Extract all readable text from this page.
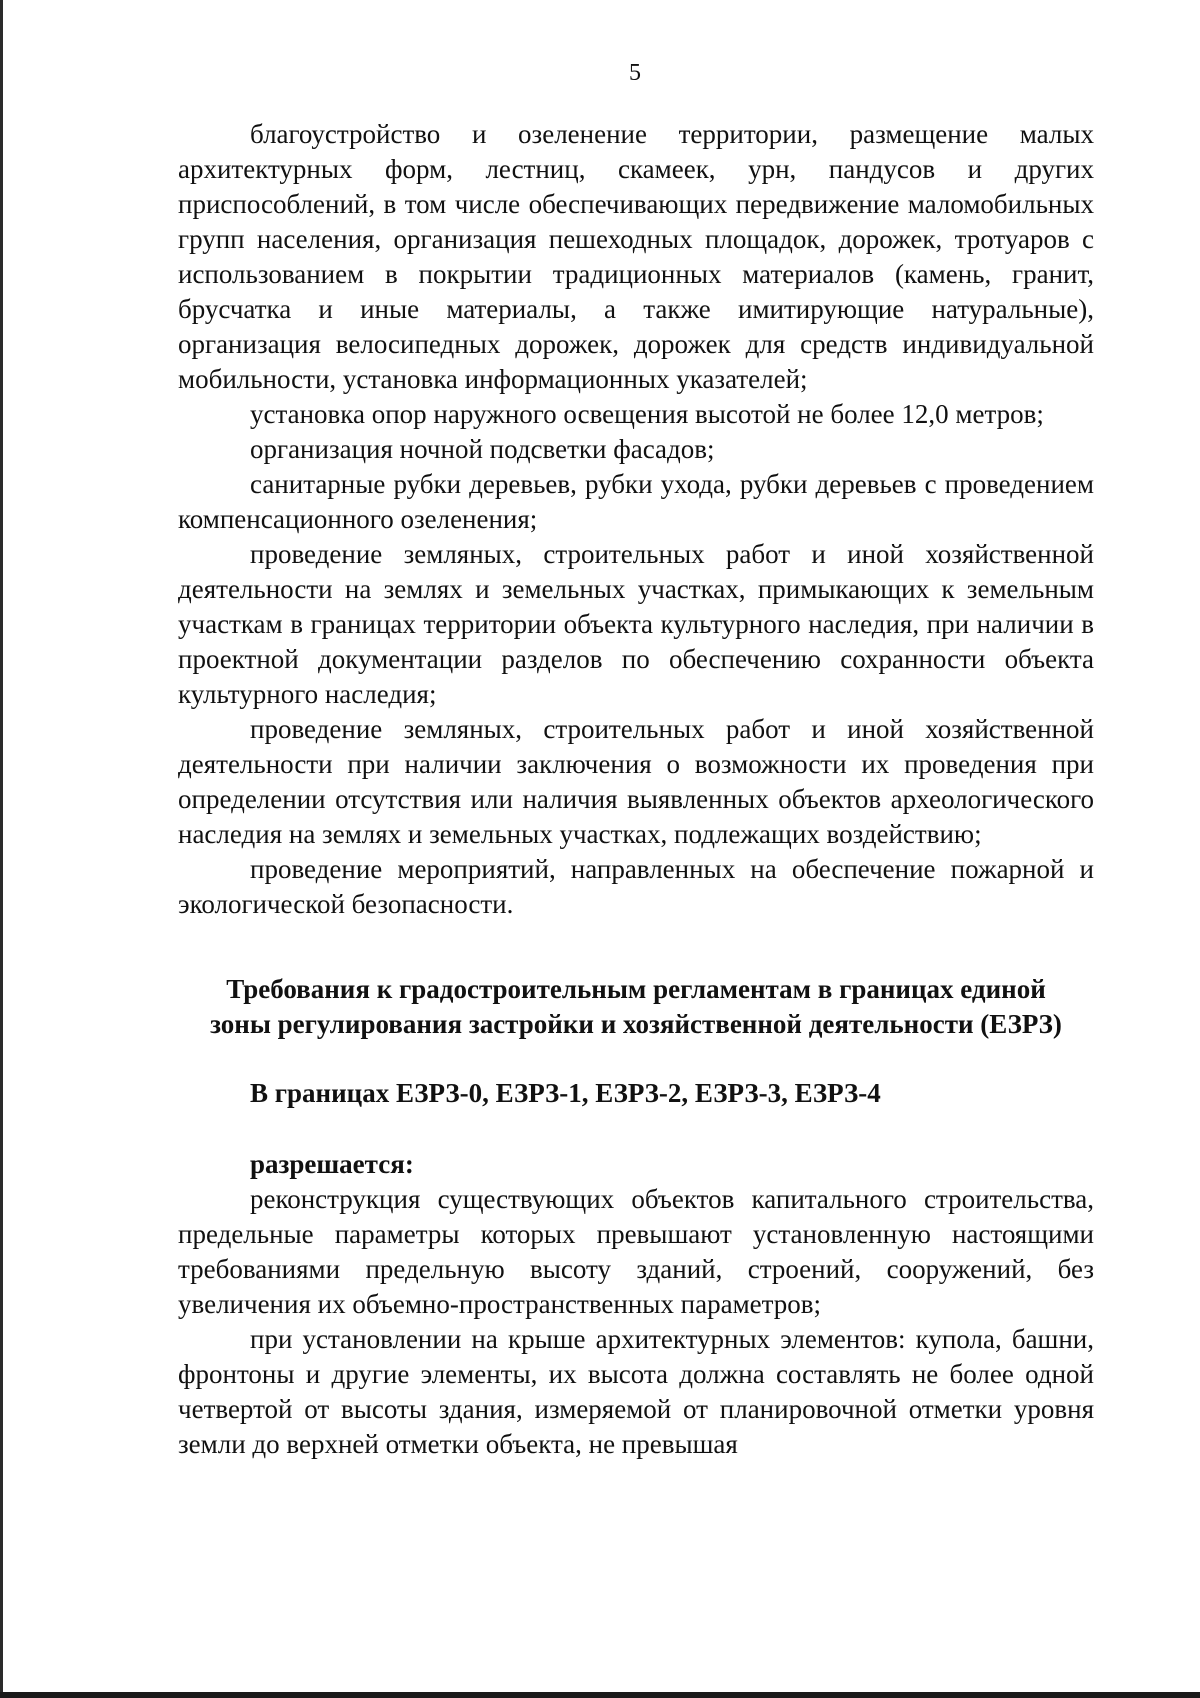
5

благоустройство и озеленение территории, размещение малых архитектурных форм, лестниц, скамеек, урн, пандусов и других приспособлений, в том числе обеспечивающих передвижение маломобильных групп населения, организация пешеходных площадок, дорожек, тротуаров с использованием в покрытии традиционных материалов (камень, гранит, брусчатка и иные материалы, а также имитирующие натуральные), организация велосипедных дорожек, дорожек для средств индивидуальной мобильности, установка информационных указателей;

установка опор наружного освещения высотой не более 12,0 метров;

организация ночной подсветки фасадов;

санитарные рубки деревьев, рубки ухода, рубки деревьев с проведением компенсационного озеленения;

проведение земляных, строительных работ и иной хозяйственной деятельности на землях и земельных участках, примыкающих к земельным участкам в границах территории объекта культурного наследия, при наличии в проектной документации разделов по обеспечению сохранности объекта культурного наследия;

проведение земляных, строительных работ и иной хозяйственной деятельности при наличии заключения о возможности их проведения при определении отсутствия или наличия выявленных объектов археологического наследия на землях и земельных участках, подлежащих воздействию;

проведение мероприятий, направленных на обеспечение пожарной и экологической безопасности.

Требования к градостроительным регламентам в границах единой
зоны регулирования застройки и хозяйственной деятельности (ЕЗРЗ)
В границах ЕЗРЗ-0, ЕЗРЗ-1, ЕЗРЗ-2, ЕЗРЗ-3, ЕЗРЗ-4
разрешается:

реконструкция существующих объектов капитального строительства, предельные параметры которых превышают установленную настоящими требованиями предельную высоту зданий, строений, сооружений, без увеличения их объемно-пространственных параметров;

при установлении на крыше архитектурных элементов: купола, башни, фронтоны и другие элементы, их высота должна составлять не более одной четвертой от высоты здания, измеряемой от планировочной отметки уровня земли до верхней отметки объекта, не превышая
